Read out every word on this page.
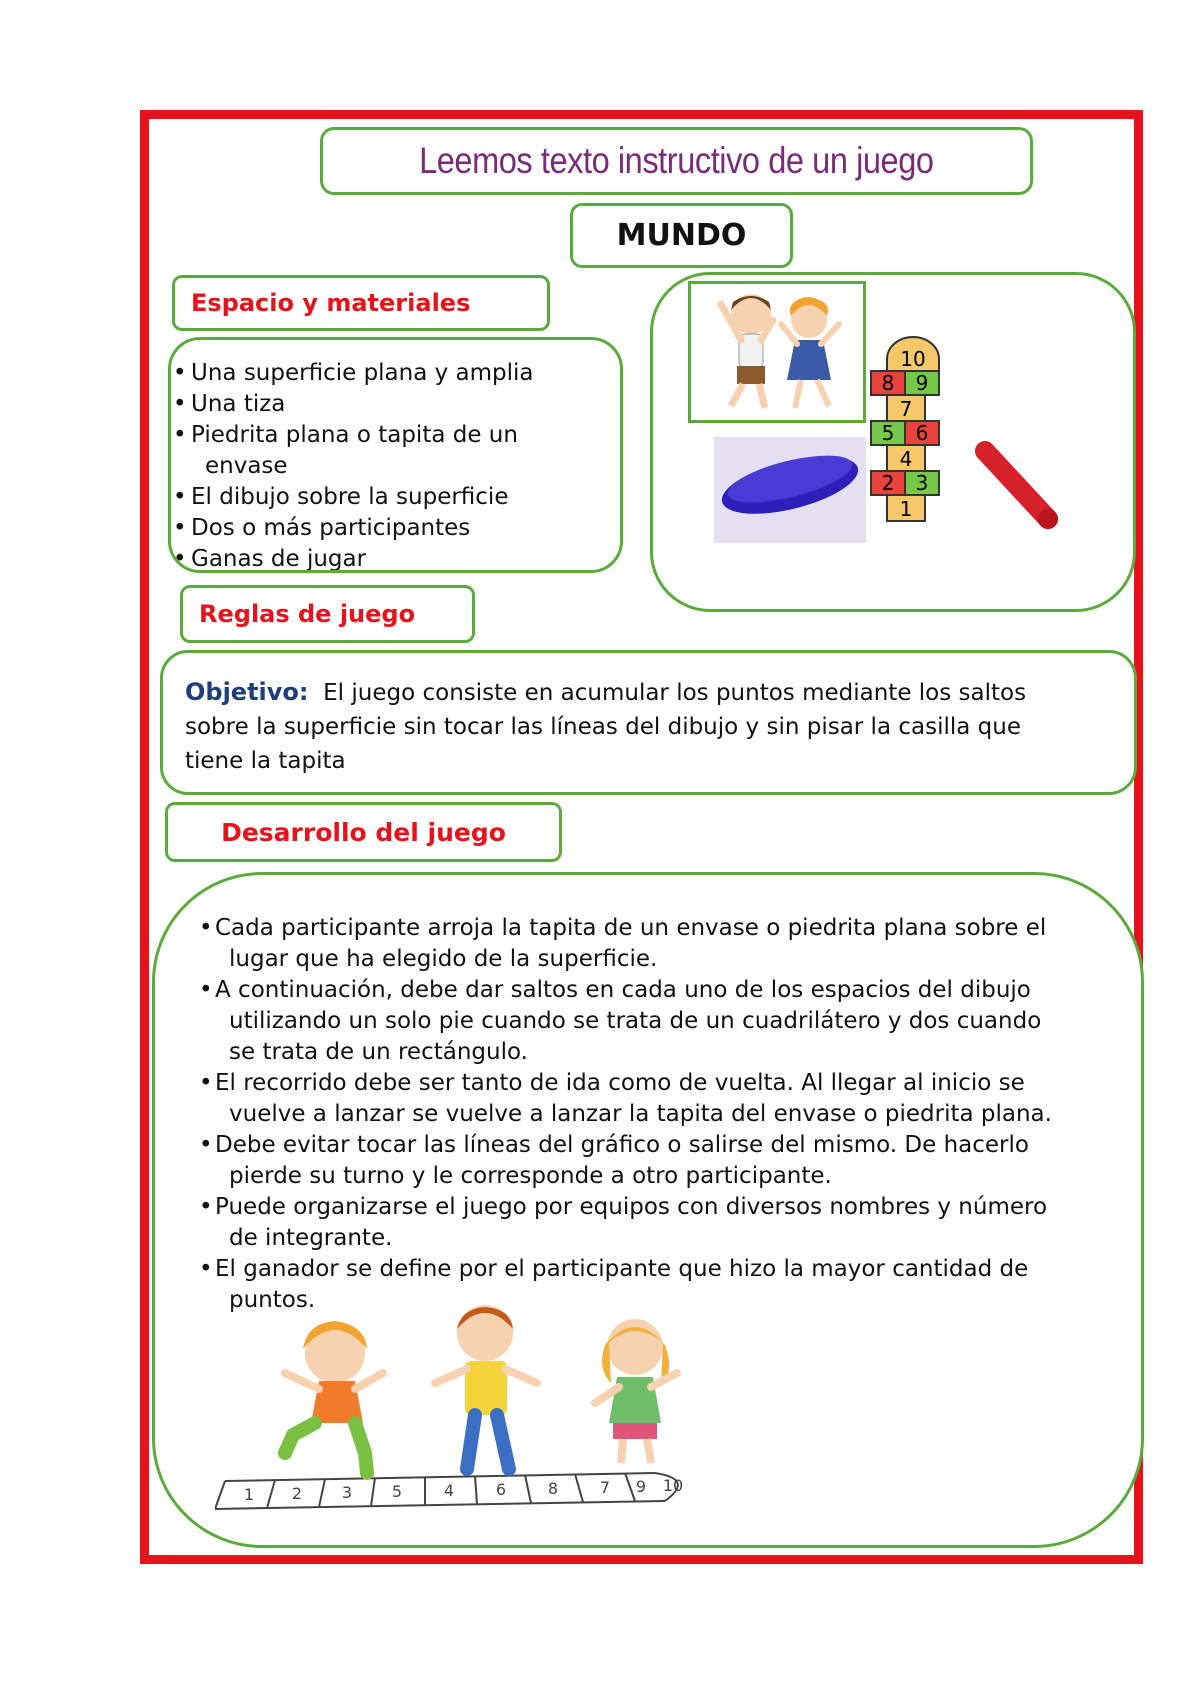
Leemos texto instructivo de un juego
MUNDO
Espacio y materiales
• Una superficie plana y amplia
• Una tiza
• Piedrita plana o tapita de un
envase
• El dibujo sobre la superficie
• Dos o más participantes
• Ganas de jugar
10
8 9
7
5 6
4
2 3
1
Reglas de juego
Objetivo: El juego consiste en acumular los puntos mediante los saltos
sobre la superficie sin tocar las líneas del dibujo y sin pisar la casilla que
tiene la tapita
Desarrollo del juego
• Cada participante arroja la tapita de un envase o piedrita plana sobre el
lugar que ha elegido de la superficie.
• A continuación, debe dar saltos en cada uno de los espacios del dibujo
utilizando un solo pie cuando se trata de un cuadrilátero y dos cuando
se trata de un rectángulo.
• El recorrido debe ser tanto de ida como de vuelta. Al llegar al inicio se
vuelve a lanzar se vuelve a lanzar la tapita del envase o piedrita plana.
• Debe evitar tocar las líneas del gráfico o salirse del mismo. De hacerlo
pierde su turno y le corresponde a otro participante.
• Puede organizarse el juego por equipos con diversos nombres y número
de integrante.
• El ganador se define por el participante que hizo la mayor cantidad de
puntos.
1 2 3 5	4	6	8	7 9 10
